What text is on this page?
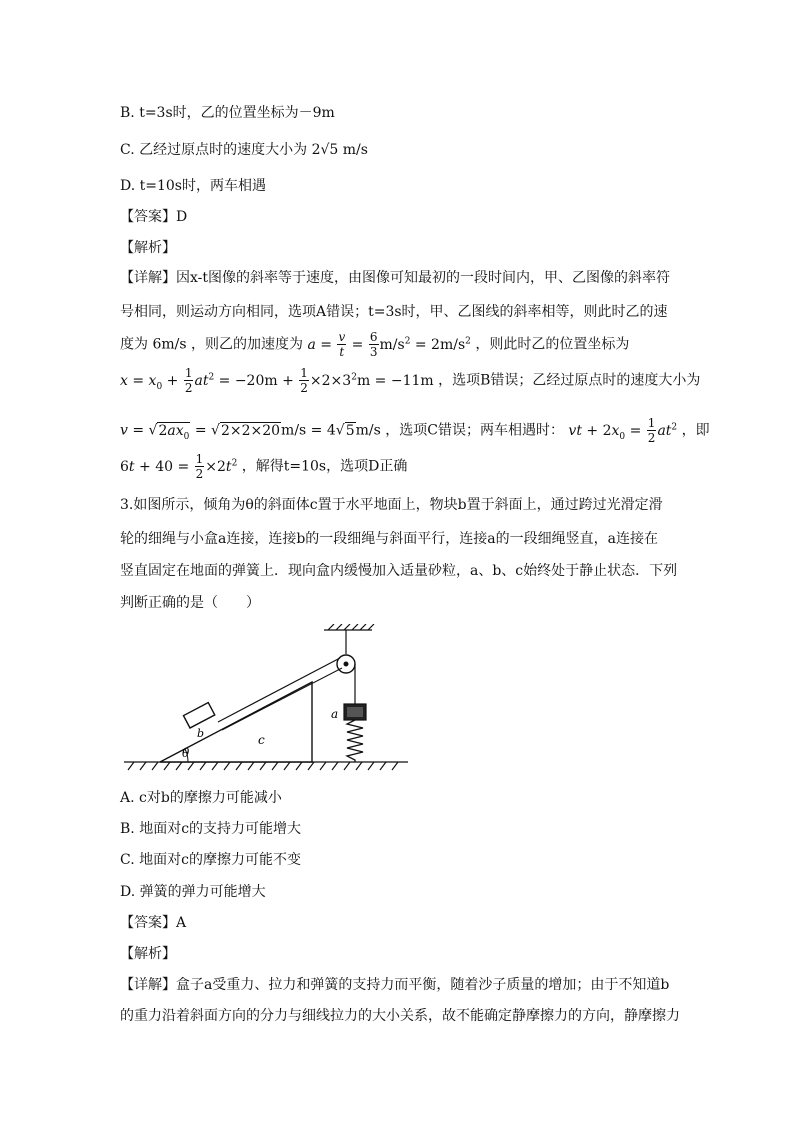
B. t=3s时，乙的位置坐标为－9m
C. 乙经过原点时的速度大小为 2√5 m/s
D. t=10s时，两车相遇
【答案】D
【解析】
【详解】因x-t图像的斜率等于速度，由图像可知最初的一段时间内，甲、乙图像的斜率符
号相同，则运动方向相同，选项A错误；t=3s时，甲、乙图线的斜率相等，则此时乙的速
度为 6m/s ，则乙的加速度为 $a = \frac{v}{t} = \frac{6}{3} m/s^2 = 2m/s^2$ ，则此时乙的位置坐标为
$x = x_0 + \frac{1}{2} at^2 = -20m + \frac{1}{2} \times 2\times 3^2m = -11m$ ，选项B错误；乙经过原点时的速度大小为
$v = √2ax_0 = √2\times 2\times 20m/s = 4√5m/s$ ，选项C错误；两车相遇时： vt + $2x_0 = \frac{1}{2} at^2$ ，即
$6t + 40 = \frac{1}{2} \times 2t^2$ ，解得t=10s，选项D正确
3.如图所示，倾角为θ的斜面体c置于水平地面上，物块b置于斜面上，通过跨过光滑定滑
轮的细绳与小盒a连接，连接b的一段细绳与斜面平行，连接a的一段细绳竖直，a连接在
竖直固定在地面的弹簧上．现向盒内缓慢加入适量砂粒，a、b、c始终处于静止状态．下列
判断正确的是（　　）
θ
b	c
a
A. c对b的摩擦力可能减小
B. 地面对c的支持力可能增大
C. 地面对c的摩擦力可能不变
D. 弹簧的弹力可能增大
【答案】A
【解析】
【详解】盒子a受重力、拉力和弹簧的支持力而平衡，随着沙子质量的增加；由于不知道b
的重力沿着斜面方向的分力与细线拉力的大小关系，故不能确定静摩擦力的方向，静摩擦力
